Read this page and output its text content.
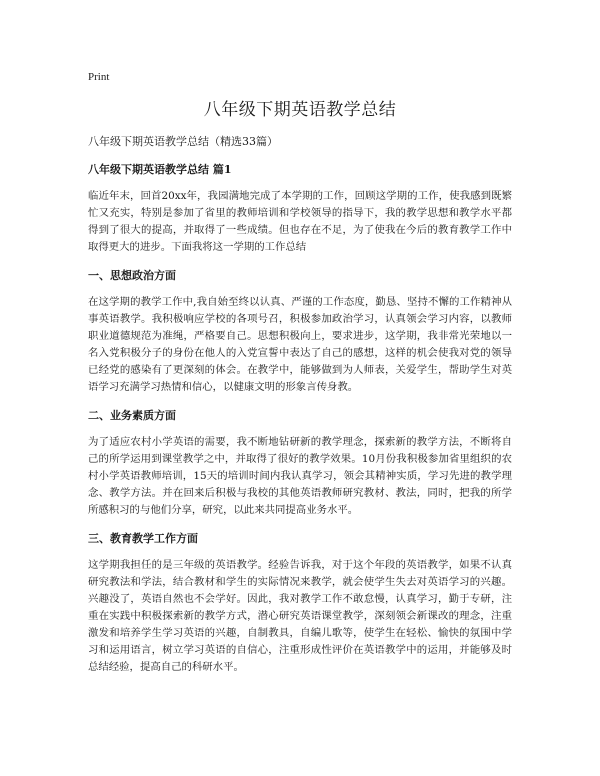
Print
八年级下期英语教学总结

八年级下期英语教学总结（精选33篇）

八年级下期英语教学总结 篇1

临近年末，回首20xx年，我园满地完成了本学期的工作，回顾这学期的工作，使我感到既繁忙又充实，特别是参加了省里的教师培训和学校领导的指导下，我的教学思想和教学水平都得到了很大的提高，并取得了一些成绩。但也存在不足，为了使我在今后的教育教学工作中取得更大的进步。下面我将这一学期的工作总结

一、思想政治方面

在这学期的教学工作中,我自始至终以认真、严谨的工作态度，勤恳、坚持不懈的工作精神从事英语教学。我积极响应学校的各项号召，积极参加政治学习，认真领会学习内容，以教师职业道德规范为准绳，严格要自己。思想积极向上，要求进步，这学期，我非常光荣地以一名入党积极分子的身份在他人的入党宣誓中表达了自己的感想，这样的机会使我对党的领导已经党的感染有了更深刻的体会。在教学中，能够做到为人师表，关爱学生，帮助学生对英语学习充满学习热情和信心，以健康文明的形象言传身教。

二、业务素质方面

为了适应农村小学英语的需要，我不断地钻研新的教学理念，探索新的教学方法，不断将自己的所学运用到课堂教学之中，并取得了很好的教学效果。10月份我积极参加省里组织的农村小学英语教师培训，15天的培训时间内我认真学习，领会其精神实质，学习先进的教学理念、教学方法。并在回来后积极与我校的其他英语教师研究教材、教法，同时，把我的所学所感积习的与他们分享，研究，以此来共同提高业务水平。

三、教育教学工作方面

这学期我担任的是三年级的英语教学。经验告诉我，对于这个年段的英语教学，如果不认真研究教法和学法，结合教材和学生的实际情况来教学，就会使学生失去对英语学习的兴趣。兴趣没了，英语自然也不会学好。因此，我对教学工作不敢怠慢，认真学习，勤于专研，注重在实践中积极探索新的教学方式，潜心研究英语课堂教学，深刻领会新课改的理念，注重激发和培养学生学习英语的兴趣，自制教具，自编儿歌等，使学生在轻松、愉快的氛围中学习和运用语言，树立学习英语的自信心，注重形成性评价在英语教学中的运用，并能够及时总结经验，提高自己的科研水平。
